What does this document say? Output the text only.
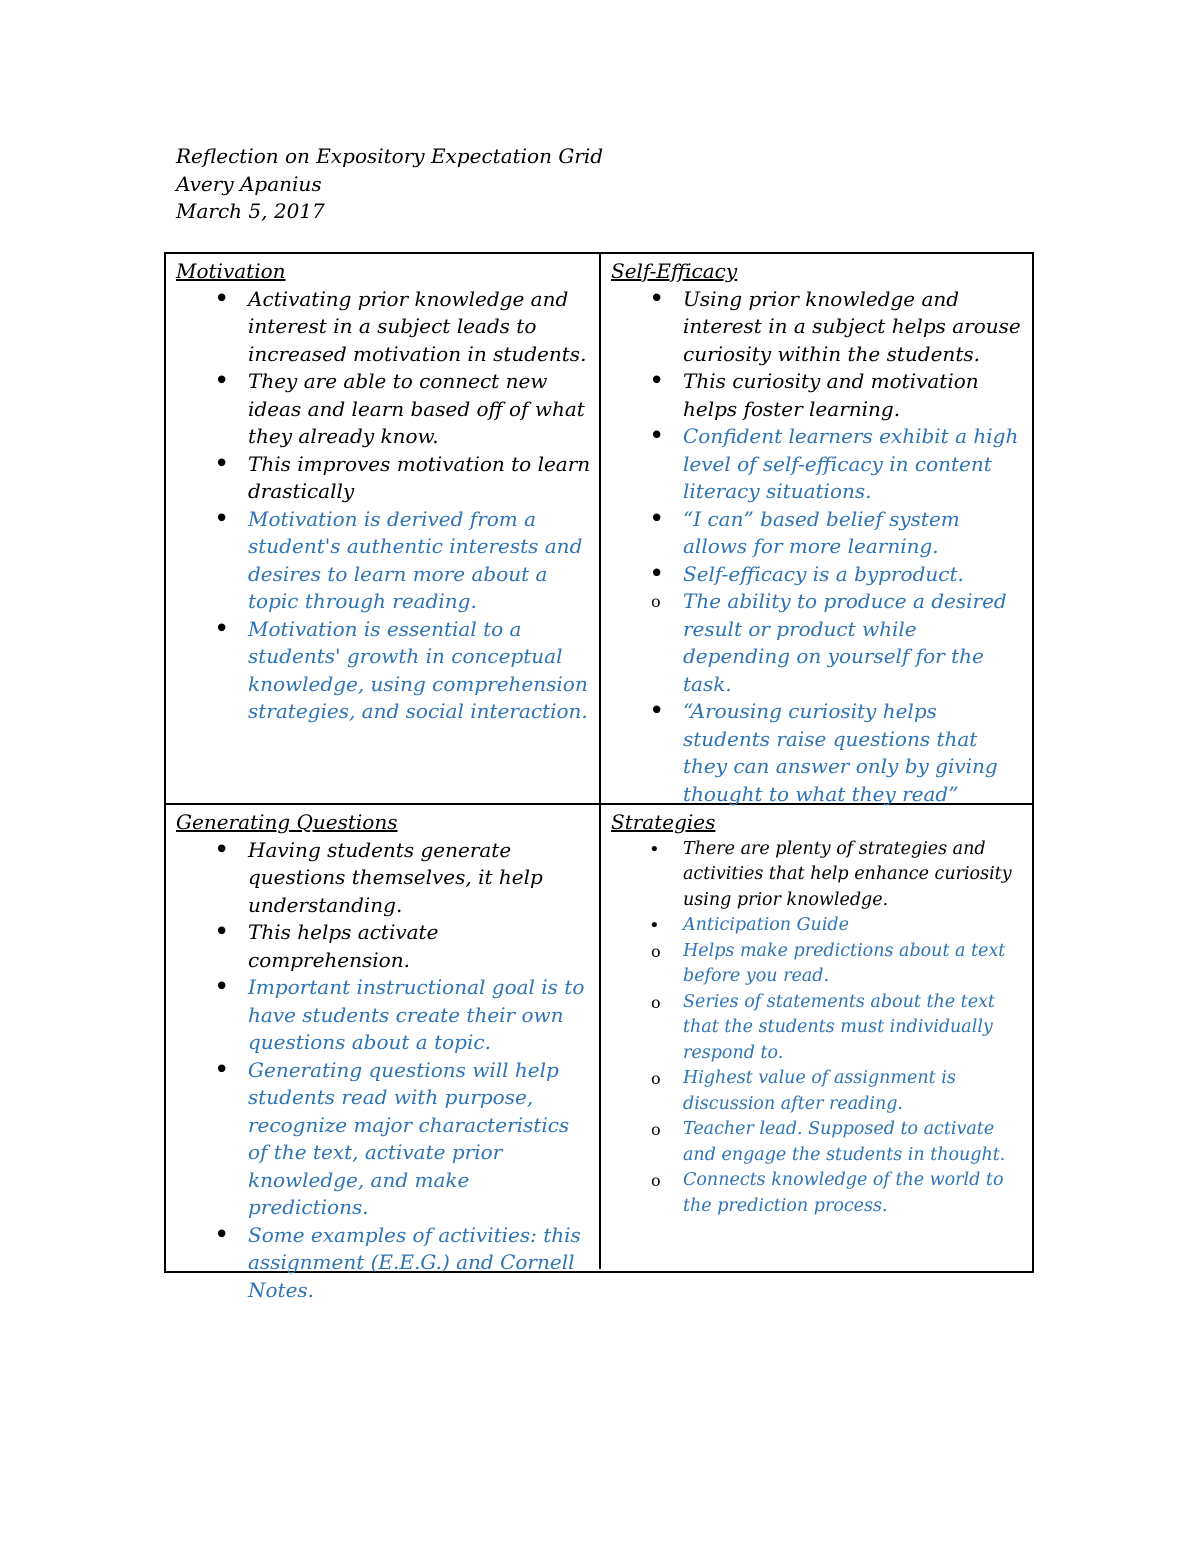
Reflection on Expository Expectation Grid
Avery Apanius
March 5, 2017
Motivation
• Activating prior knowledge and interest in a subject leads to increased motivation in students.
• They are able to connect new ideas and learn based off of what they already know.
• This improves motivation to learn drastically
• Motivation is derived from a student's authentic interests and desires to learn more about a topic through reading.
• Motivation is essential to a students' growth in conceptual knowledge, using comprehension strategies, and social interaction.
Self-Efficacy
• Using prior knowledge and interest in a subject helps arouse curiosity within the students.
• This curiosity and motivation helps foster learning.
• Confident learners exhibit a high level of self-efficacy in content literacy situations.
• “I can” based belief system allows for more learning.
• Self-efficacy is a byproduct.
o The ability to produce a desired result or product while depending on yourself for the task.
• “Arousing curiosity helps students raise questions that they can answer only by giving thought to what they read”
Generating Questions
• Having students generate questions themselves, it help understanding.
• This helps activate comprehension.
• Important instructional goal is to have students create their own questions about a topic.
• Generating questions will help students read with purpose, recognize major characteristics of the text, activate prior knowledge, and make predictions.
• Some examples of activities: this assignment (E.E.G.) and Cornell Notes.
Strategies
• There are plenty of strategies and activities that help enhance curiosity using prior knowledge.
• Anticipation Guide
o Helps make predictions about a text before you read.
o Series of statements about the text that the students must individually respond to.
o Highest value of assignment is discussion after reading.
o Teacher lead. Supposed to activate and engage the students in thought.
o Connects knowledge of the world to the prediction process.
